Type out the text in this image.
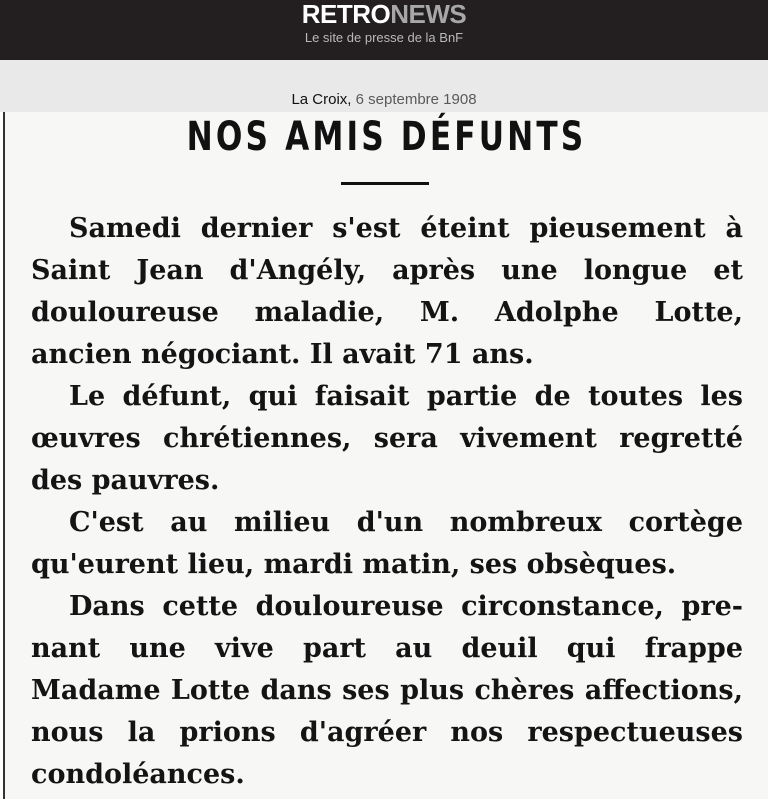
RETRONEWS
Le site de presse de la BnF
La Croix, 6 septembre 1908
NOS AMIS DÉFUNTS
Samedi dernier s'est éteint pieusement à
Saint Jean d'Angély, après une longue et
douloureuse maladie, M. Adolphe Lotte,
ancien négociant. Il avait 71 ans.
Le défunt, qui faisait partie de toutes les
œuvres chrétiennes, sera vivement regretté
des pauvres.
C'est au milieu d'un nombreux cortège
qu'eurent lieu, mardi matin, ses obsèques.
Dans cette douloureuse circonstance, pre-
nant une vive part au deuil qui frappe
Madame Lotte dans ses plus chères affections,
nous la prions d'agréer nos respectueuses
condoléances.
